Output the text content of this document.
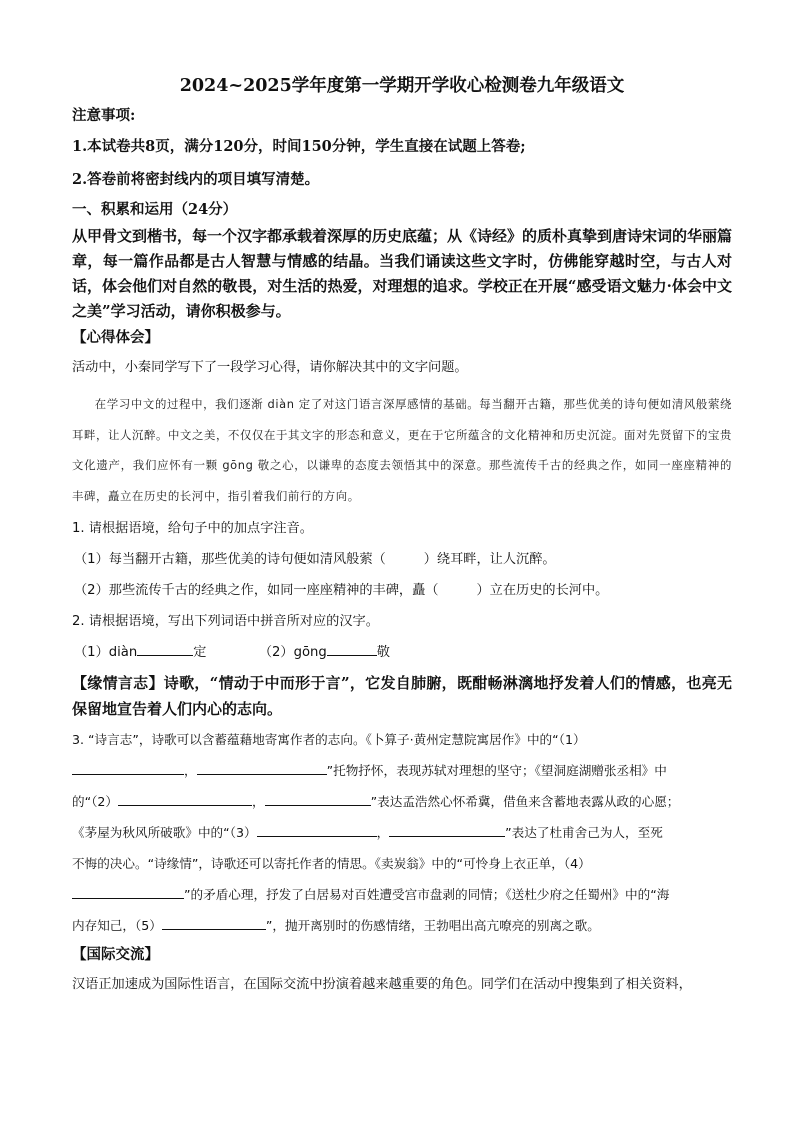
2024~2025学年度第一学期开学收心检测卷九年级语文
注意事项:
1.本试卷共8页，满分120分，时间150分钟，学生直接在试题上答卷;
2.答卷前将密封线内的项目填写清楚。
一、积累和运用（24分）

从甲骨文到楷书，每一个汉字都承载着深厚的历史底蕴；从《诗经》的质朴真挚到唐诗宋词的华丽篇章，每一篇作品都是古人智慧与情感的结晶。当我们诵读这些文字时，仿佛能穿越时空，与古人对话，体会他们对自然的敬畏，对生活的热爱，对理想的追求。学校正在开展“感受语文魅力·体会中文之美”学习活动，请你积极参与。

【心得体会】
活动中，小秦同学写下了一段学习心得，请你解决其中的文字问题。

在学习中文的过程中，我们逐渐 diàn 定了对这门语言深厚感情的基础。每当翻开古籍，那些优美的诗句便如清风般萦绕耳畔，让人沉醉。中文之美，不仅仅在于其文字的形态和意义，更在于它所蕴含的文化精神和历史沉淀。面对先贤留下的宝贵文化遗产，我们应怀有一颗 gōng 敬之心，以谦卑的态度去领悟其中的深意。那些流传千古的经典之作，如同一座座精神的丰碑，矗立在历史的长河中，指引着我们前行的方向。

1. 请根据语境，给句子中的加点字注音。
（1）每当翻开古籍，那些优美的诗句便如清风般萦（	）绕耳畔，让人沉醉。
（2）那些流传千古的经典之作，如同一座座精神的丰碑，矗（	）立在历史的长河中。
2. 请根据语境，写出下列词语中拼音所对应的汉字。
（1）diàn	定	（2）gōng	敬

【缘情言志】诗歌，“情动于中而形于言”，它发自肺腑，既酣畅淋漓地抒发着人们的情感，也亮无保留地宣告着人们内心的志向。

3. “诗言志”，诗歌可以含蓄蕴藉地寄寓作者的志向。《卜算子·黄州定慧院寓居作》中的“（1）
，	”托物抒怀，表现苏轼对理想的坚守；《望洞庭湖赠张丞相》中
的“（2）	，	”表达孟浩然心怀希冀，借鱼来含蓄地表露从政的心愿；
《茅屋为秋风所破歌》中的“（3）	，	”表达了杜甫舍己为人，至死
不悔的决心。“诗缘情”，诗歌还可以寄托作者的情思。《卖炭翁》中的“可怜身上衣正单，（4）
”的矛盾心理，抒发了白居易对百姓遭受宫市盘剥的同情；《送杜少府之任蜀州》中的“海
内存知己，（5）	”，抛开离别时的伤感情绪，王勃唱出高亢嘹亮的别离之歌。
【国际交流】
汉语正加速成为国际性语言，在国际交流中扮演着越来越重要的角色。同学们在活动中搜集到了相关资料，
